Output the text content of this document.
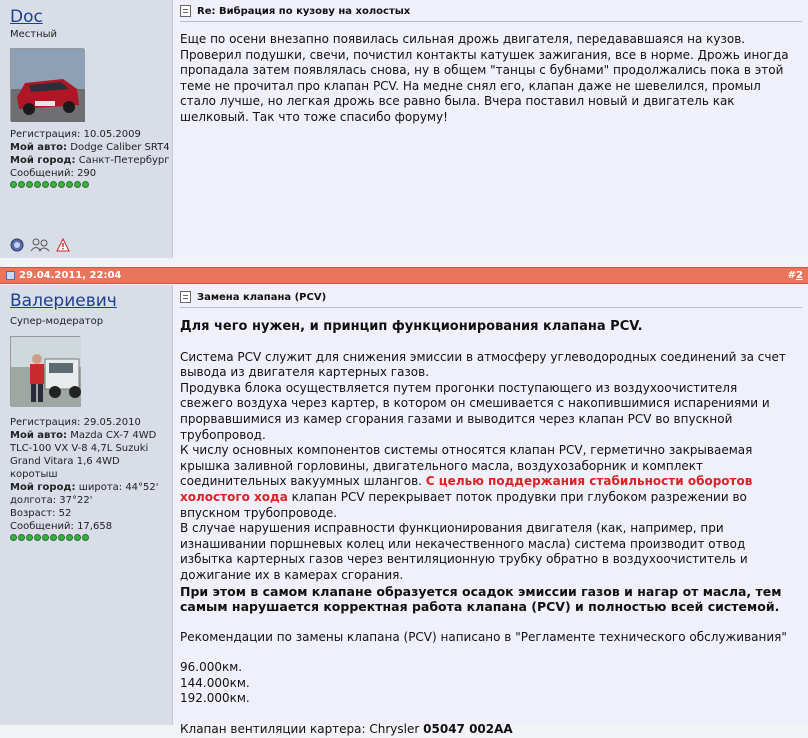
Doc
Местный
Регистрация: 10.05.2009
Мой авто: Dodge Caliber SRT4
Мой город: Санкт-Петербург
Сообщений: 290
Re: Вибрация по кузову на холостых
Еще по осени внезапно появилась сильная дрожь двигателя, передававшаяся на кузов. Проверил подушки, свечи, почистил контакты катушек зажигания, все в норме. Дрожь иногда пропадала затем появлялась снова, ну в общем "танцы с бубнами" продолжались пока в этой теме не прочитал про клапан PCV. На медне снял его, клапан даже не шевелился, промыл стало лучше, но легкая дрожь все равно была. Вчера поставил новый и двигатель как шелковый. Так что тоже спасибо форуму!
29.04.2011, 22:04	#2
Валериевич
Супер-модератор
Регистрация: 29.05.2010
Мой авто: Mazda CX-7 4WD TLC-100 VX V-8 4,7L Suzuki Grand Vitara 1,6 4WD коротыш
Мой город: широта: 44°52'
долгота: 37°22'
Возраст: 52
Сообщений: 17,658
Замена клапана (PCV)
Для чего нужен, и принцип функционирования клапана PCV.
Система PCV служит для снижения эмиссии в атмосферу углеводородных соединений за счет вывода из двигателя картерных газов.
Продувка блока осуществляется путем прогонки поступающего из воздухоочистителя свежего воздуха через картер, в котором он смешивается с накопившимися испарениями и прорвавшимися из камер сгорания газами и выводится через клапан PCV во впускной трубопровод.
К числу основных компонентов системы относятся клапан PCV, герметично закрываемая крышка заливной горловины, двигательного масла, воздухозаборник и комплект соединительных вакуумных шлангов. С целью поддержания стабильности оборотов холостого хода клапан PCV перекрывает поток продувки при глубоком разрежении во впускном трубопроводе.
В случае нарушения исправности функционирования двигателя (как, например, при изнашивании поршневых колец или некачественного масла) система производит отвод избытка картерных газов через вентиляционную трубку обратно в воздухоочиститель и дожигание их в камерах сгорания.
При этом в самом клапане образуется осадок эмиссии газов и нагар от масла, тем самым нарушается корректная работа клапана (PCV) и полностью всей системой.
Рекомендации по замены клапана (PCV) написано в "Регламенте технического обслуживания"
96.000км.
144.000км.
192.000км.
Клапан вентиляции картера: Chrysler 05047 002AA
